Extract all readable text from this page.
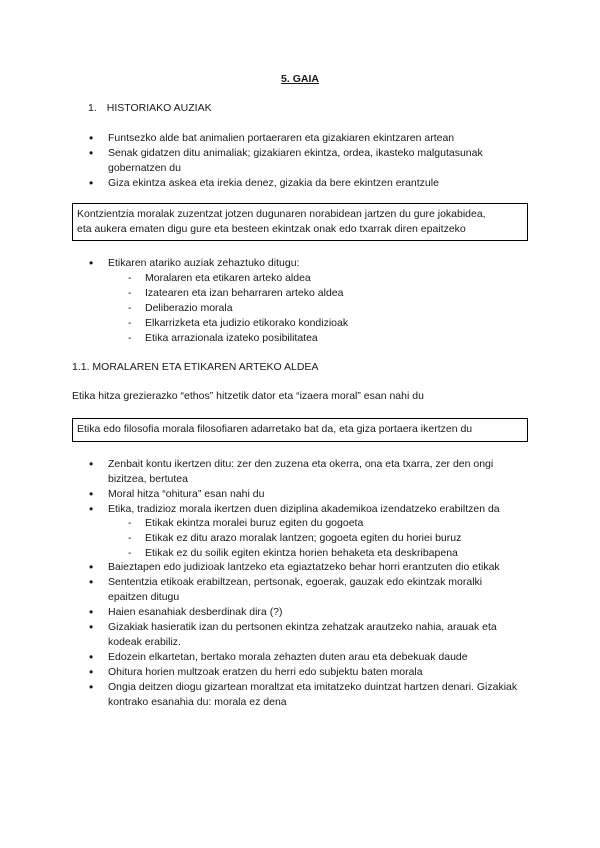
5. GAIA
1. HISTORIAKO AUZIAK
• Funtsezko alde bat animalien portaeraren eta gizakiaren ekintzaren artean
• Senak gidatzen ditu animaliak; gizakiaren ekintza, ordea, ikasteko malgutasunak gobernatzen du
• Giza ekintza askea eta irekia denez, gizakia da bere ekintzen erantzule
Kontzientzia moralak zuzentzat jotzen dugunaren norabidean jartzen du gure jokabidea,
eta aukera ematen digu gure eta besteen ekintzak onak edo txarrak diren epaitzeko
• Etikaren atariko auziak zehaztuko ditugu:
- Moralaren eta etikaren arteko aldea
- Izatearen eta izan beharraren arteko aldea
- Deliberazio morala
- Elkarrizketa eta judizio etikorako kondizioak
- Etika arrazionala izateko posibilitatea
1.1. MORALAREN ETA ETIKAREN ARTEKO ALDEA
Etika hitza grezierazko “ethos” hitzetik dator eta “izaera moral” esan nahi du
Etika edo filosofia morala filosofiaren adarretako bat da, eta giza portaera ikertzen du
• Zenbait kontu ikertzen ditu: zer den zuzena eta okerra, ona eta txarra, zer den ongi bizitzea, bertutea
• Moral hitza “ohitura” esan nahi du
• Etika, tradizioz morala ikertzen duen diziplina akademikoa izendatzeko erabiltzen da
- Etikak ekintza moralei buruz egiten du gogoeta
- Etikak ez ditu arazo moralak lantzen; gogoeta egiten du horiei buruz
- Etikak ez du soilik egiten ekintza horien behaketa eta deskribapena
• Baieztapen edo judizioak lantzeko eta egiaztatzeko behar horri erantzuten dio etikak
• Sententzia etikoak erabiltzean, pertsonak, egoerak, gauzak edo ekintzak moralki epaitzen ditugu
• Haien esanahiak desberdinak dira (?)
• Gizakiak hasieratik izan du pertsonen ekintza zehatzak arautzeko nahia, arauak eta kodeak erabiliz.
• Edozein elkartetan, bertako morala zehazten duten arau eta debekuak daude
• Ohitura horien multzoak eratzen du herri edo subjektu baten morala
• Ongia deitzen diogu gizartean moraltzat eta imitatzeko duintzat hartzen denari. Gizakiak kontrako esanahia du: morala ez dena
